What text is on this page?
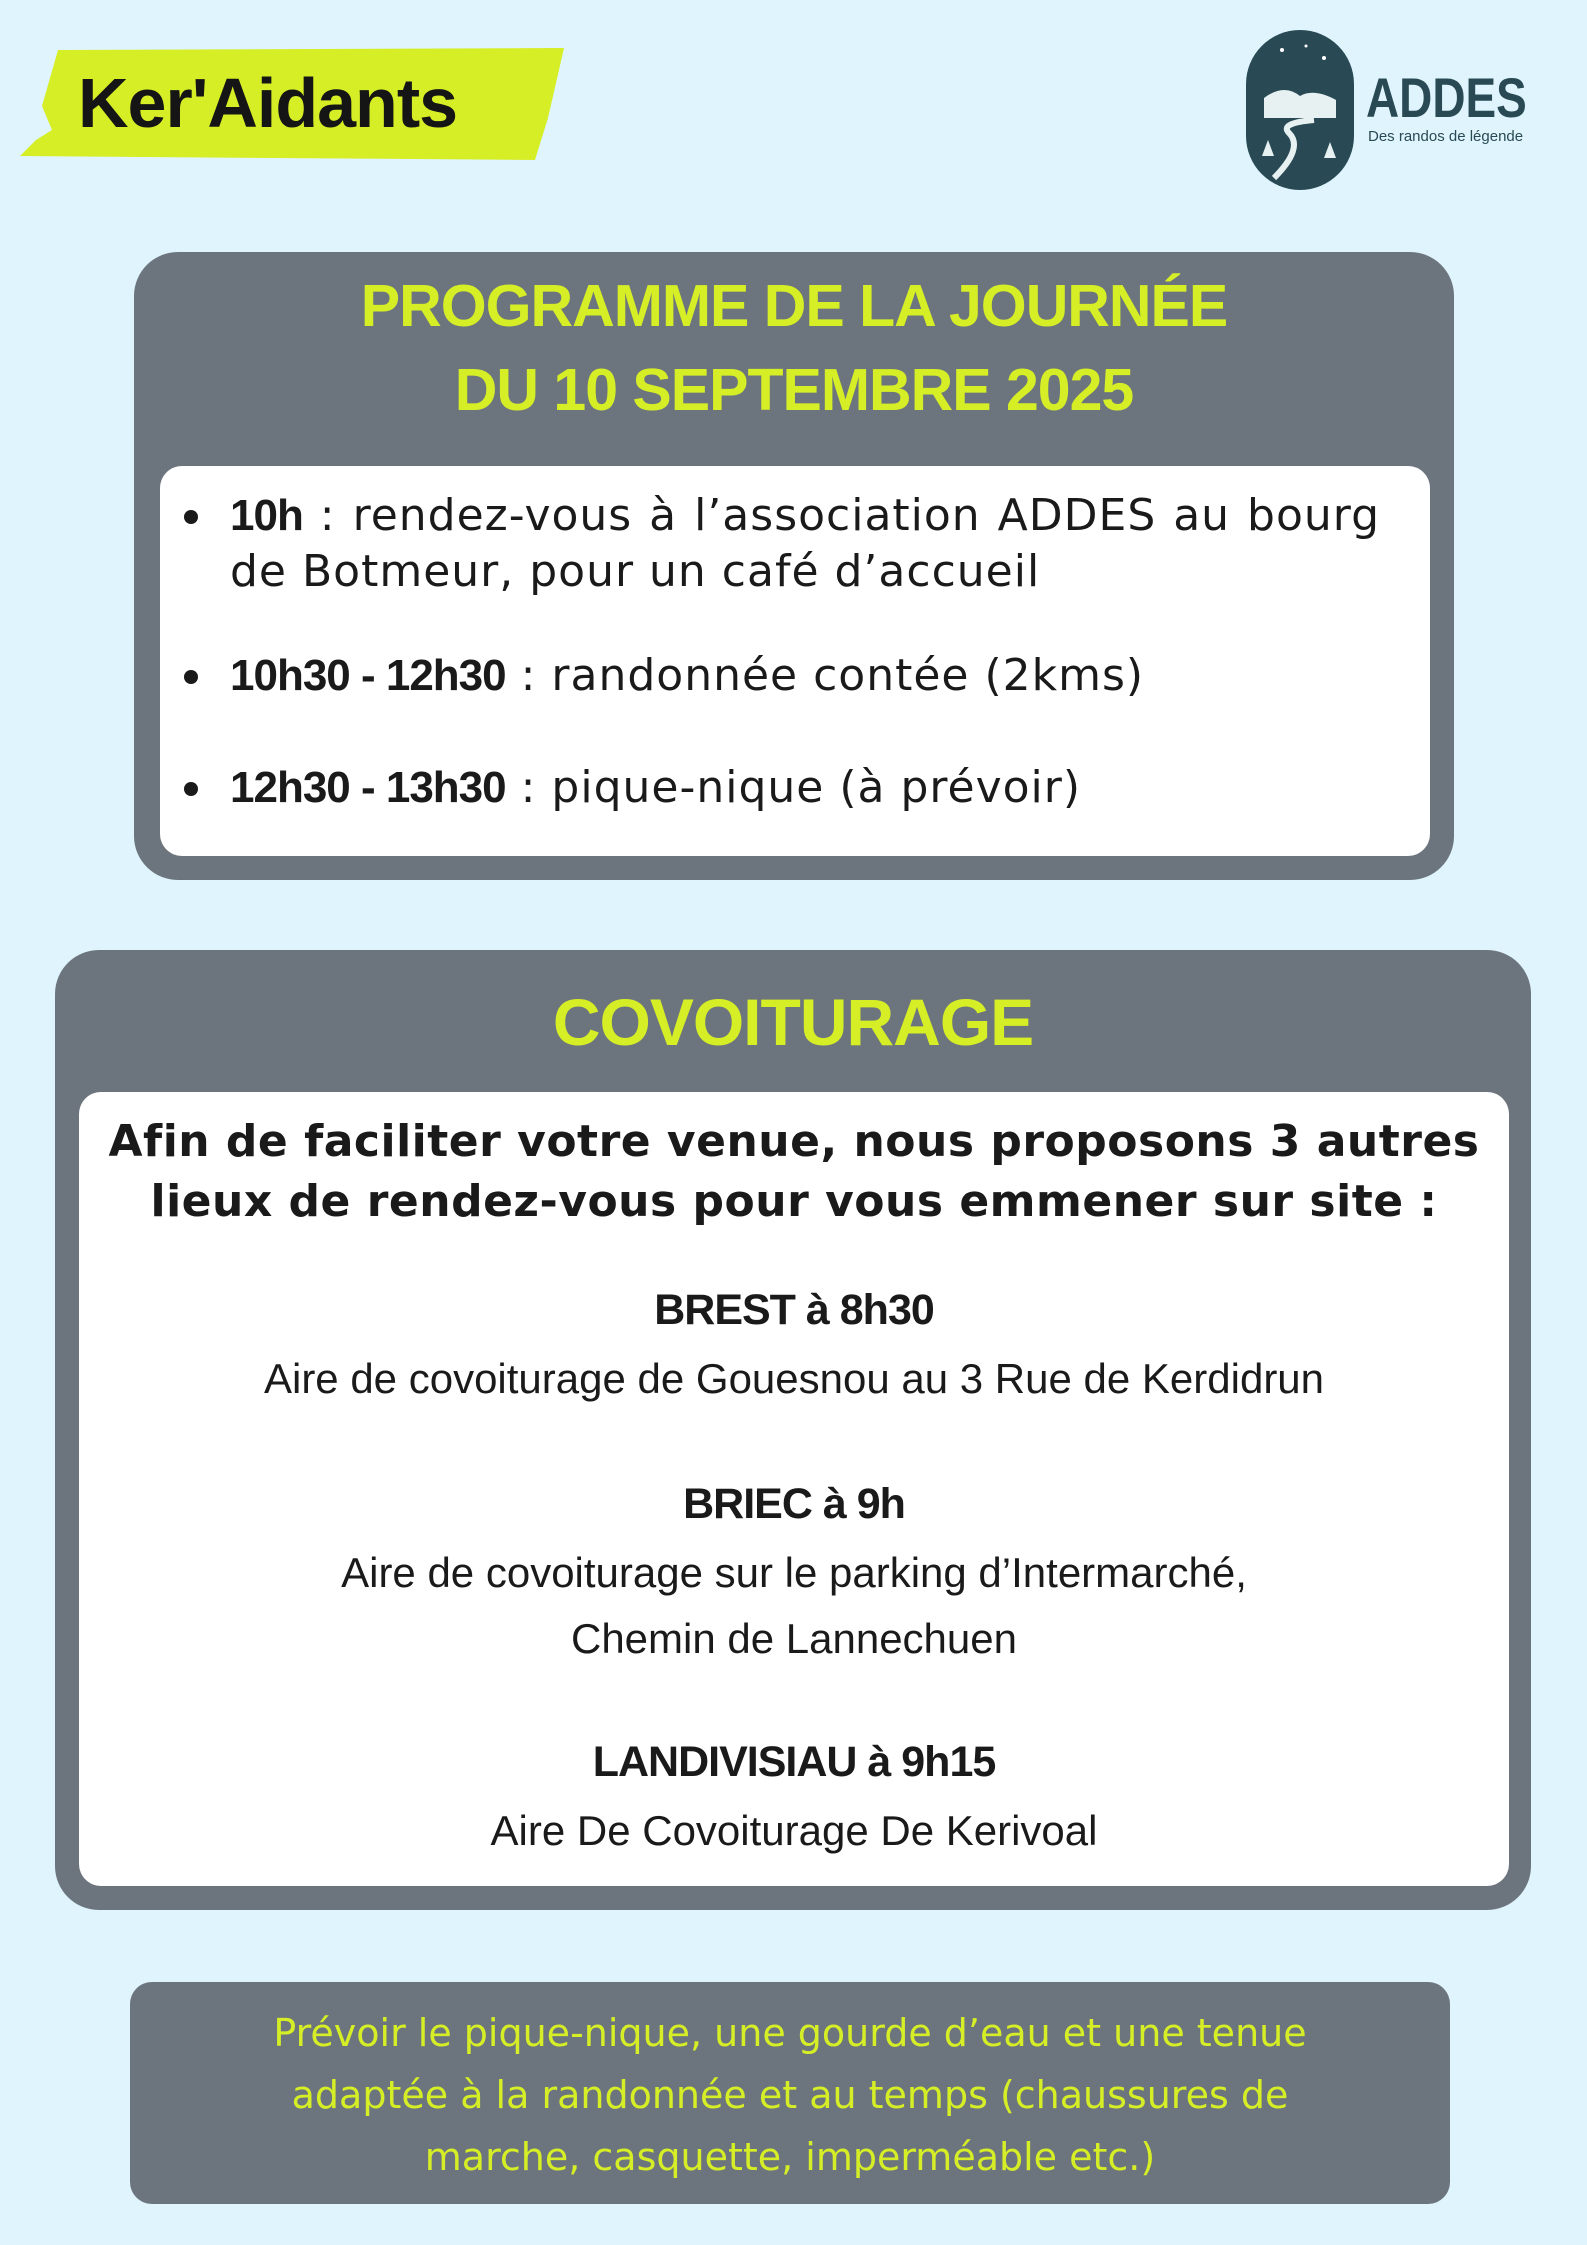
Ker'Aidants	ADDES
Des randos de légende
PROGRAMME DE LA JOURNÉE
DU 10 SEPTEMBRE 2025
10h : rendez-vous à l’association ADDES au bourg de Botmeur, pour un café d’accueil
10h30 - 12h30 : randonnée contée (2kms)
12h30 - 13h30 : pique-nique (à prévoir)
COVOITURAGE
Afin de faciliter votre venue, nous proposons 3 autres
lieux de rendez-vous pour vous emmener sur site :
BREST à 8h30
Aire de covoiturage de Gouesnou au 3 Rue de Kerdidrun
BRIEC à 9h
Aire de covoiturage sur le parking d’Intermarché,
Chemin de Lannechuen
LANDIVISIAU à 9h15
Aire De Covoiturage De Kerivoal
Prévoir le pique-nique, une gourde d’eau et une tenue
adaptée à la randonnée et au temps (chaussures de
marche, casquette, imperméable etc.)
